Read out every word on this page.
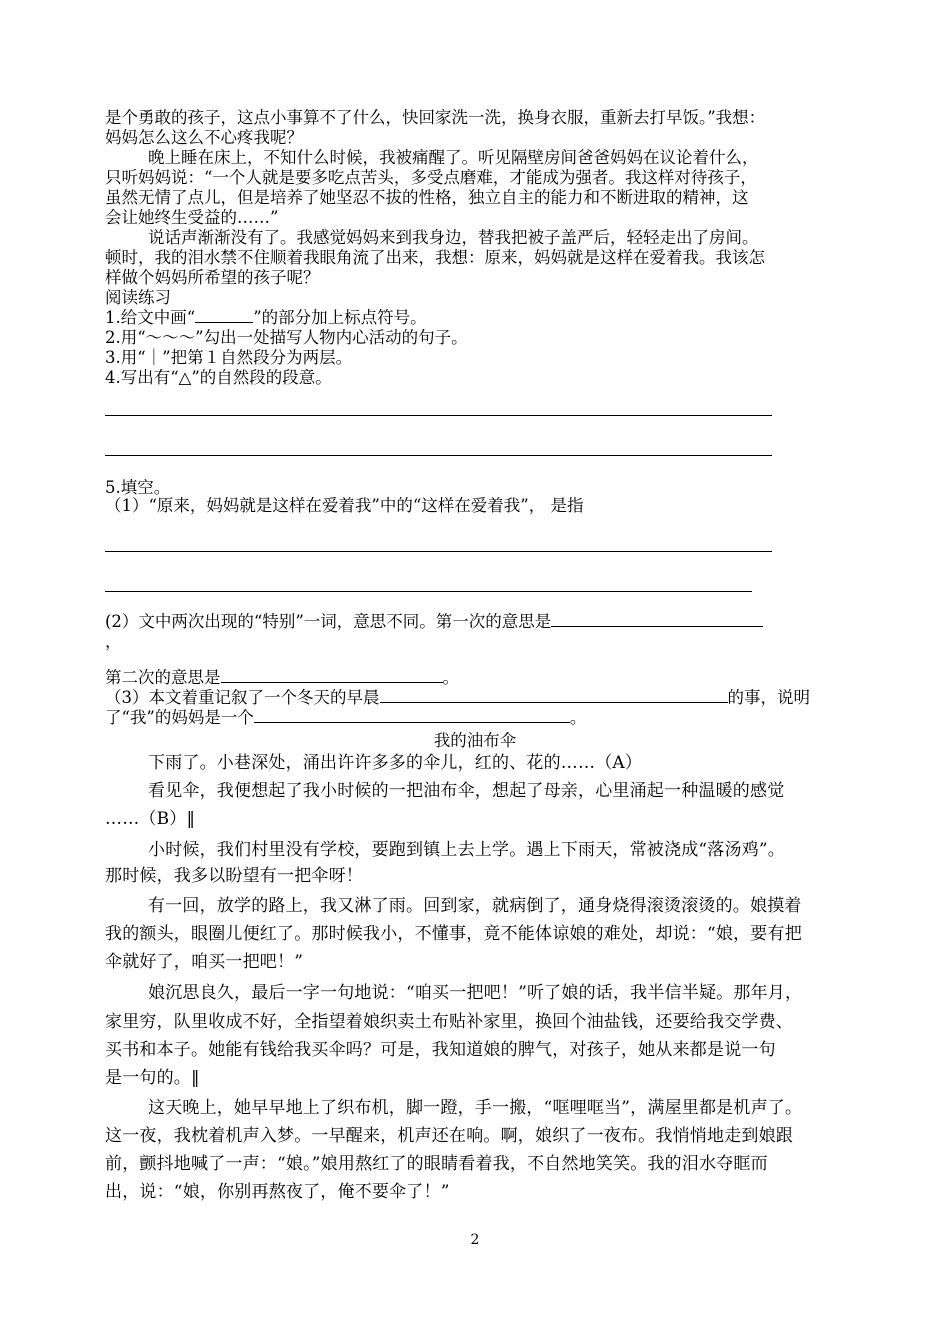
是个勇敢的孩子，这点小事算不了什么，快回家洗一洗，换身衣服，重新去打早饭。”我想：
妈妈怎么这么不心疼我呢？
晚上睡在床上，不知什么时候，我被痛醒了。听见隔壁房间爸爸妈妈在议论着什么，
只听妈妈说：“一个人就是要多吃点苦头，多受点磨难，才能成为强者。我这样对待孩子，
虽然无情了点儿，但是培养了她坚忍不拔的性格，独立自主的能力和不断进取的精神，这
会让她终生受益的……”
说话声渐渐没有了。我感觉妈妈来到我身边，替我把被子盖严后，轻轻走出了房间。
顿时，我的泪水禁不住顺着我眼角流了出来，我想：原来，妈妈就是这样在爱着我。我该怎
样做个妈妈所希望的孩子呢？
阅读练习
1.给文中画“	”的部分加上标点符号。
2.用“～～～”勾出一处描写人物内心活动的句子。
3.用“｜”把第１自然段分为两层。
4.写出有“△”的自然段的段意。
5.填空。
（1）“原来，妈妈就是这样在爱着我”中的“这样在爱着我”， 是指
(2）文中两次出现的“特别”一词，意思不同。第一次的意思是
，
第二次的意思是	。
（3）本文着重记叙了一个冬天的早晨	的事，说明
了“我”的妈妈是一个	。
我的油布伞
下雨了。小巷深处，涌出许许多多的伞儿，红的、花的……（A）
看见伞，我便想起了我小时候的一把油布伞，想起了母亲，心里涌起一种温暖的感觉
……（B）‖
小时候，我们村里没有学校，要跑到镇上去上学。遇上下雨天，常被浇成“落汤鸡”。
那时候，我多以盼望有一把伞呀！
有一回，放学的路上，我又淋了雨。回到家，就病倒了，通身烧得滚烫滚烫的。娘摸着
我的额头，眼圈儿便红了。那时候我小，不懂事，竟不能体谅娘的难处，却说：“娘，要有把
伞就好了，咱买一把吧！”
娘沉思良久，最后一字一句地说：“咱买一把吧！”听了娘的话，我半信半疑。那年月，
家里穷，队里收成不好，全指望着娘织卖土布贴补家里，换回个油盐钱，还要给我交学费、
买书和本子。她能有钱给我买伞吗？可是，我知道娘的脾气，对孩子，她从来都是说一句
是一句的。‖
这天晚上，她早早地上了织布机，脚一蹬，手一搬，“哐哩哐当”，满屋里都是机声了。
这一夜，我枕着机声入梦。一早醒来，机声还在响。啊，娘织了一夜布。我悄悄地走到娘跟
前，颤抖地喊了一声：“娘。”娘用熬红了的眼睛看着我，不自然地笑笑。我的泪水夺眶而
出，说：“娘，你别再熬夜了，俺不要伞了！”
2
